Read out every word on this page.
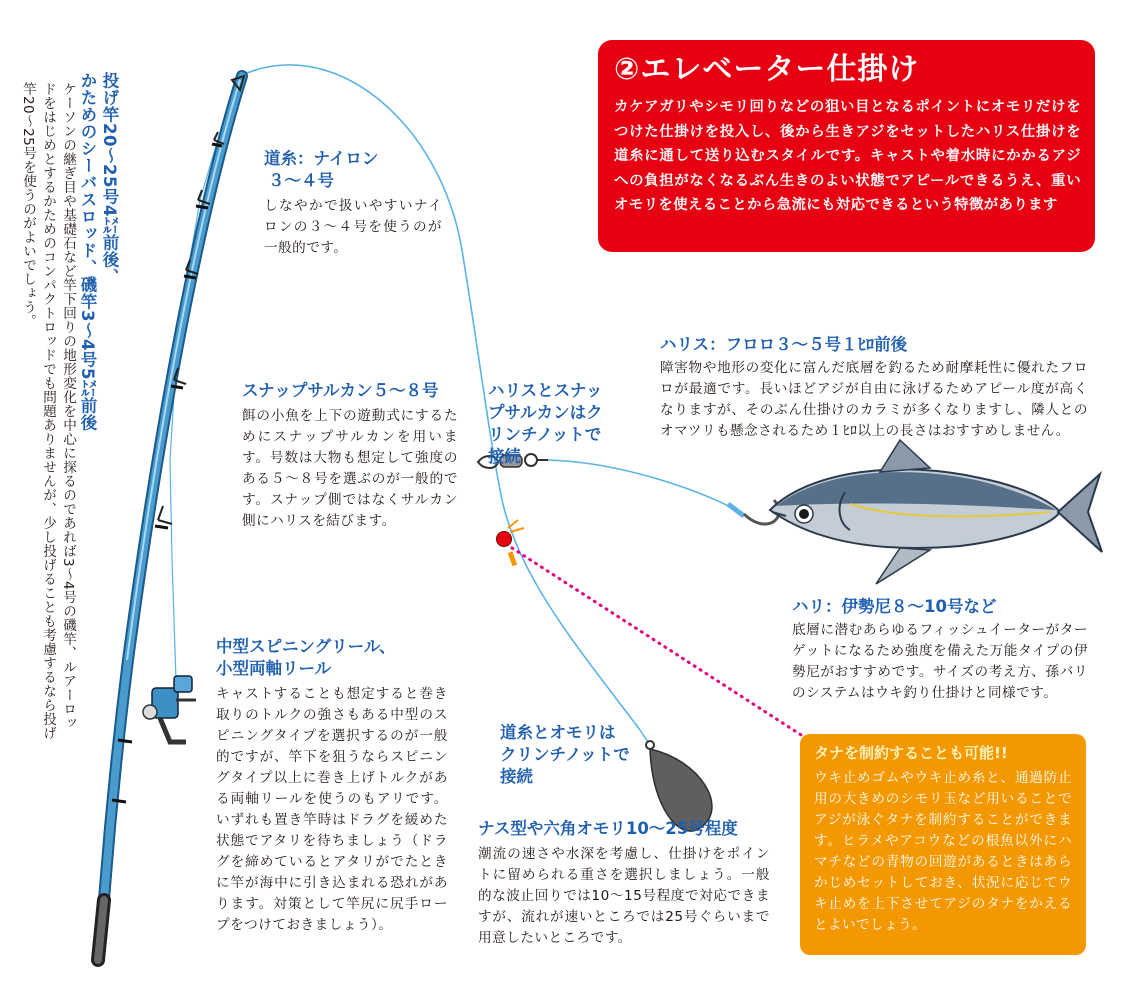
投げ竿20～25号4㍍前後、
かためのシーバスロッド、磯竿3～4号5㍍前後
ケーソンの継ぎ目や基礎石など竿下回りの地形変化を中心に探るのであれば3～4号の磯竿、ルアーロッドをはじめとするかためのコンパクトロッドでも問題ありませんが、少し投げることも考慮するなら投げ竿20～25号を使うのがよいでしょう。
②エレベーター仕掛け
カケアガリやシモリ回りなどの狙い目となるポイントにオモリだけをつけた仕掛けを投入し、後から生きアジをセットしたハリス仕掛けを道糸に通して送り込むスタイルです。キャストや着水時にかかるアジへの負担がなくなるぶん生きのよい状態でアピールできるうえ、重いオモリを使えることから急流にも対応できるという特徴があります
道糸：ナイロン
３～４号
しなやかで扱いやすいナイロンの３～４号を使うのが一般的です。
スナップサルカン５～８号
餌の小魚を上下の遊動式にするためにスナップサルカンを用います。号数は大物も想定して強度のある５～８号を選ぶのが一般的です。スナップ側ではなくサルカン側にハリスを結びます。
ハリスとスナップサルカンはクリンチノットで接続
ハリス：フロロ３～５号１ﾋﾛ前後
障害物や地形の変化に富んだ底層を釣るため耐摩耗性に優れたフロロが最適です。長いほどアジが自由に泳げるためアピール度が高くなりますが、そのぶん仕掛けのカラミが多くなりますし、隣人とのオマツリも懸念されるため１ﾋﾛ以上の長さはおすすめしません。
ハリ：伊勢尼８～10号など
底層に潜むあらゆるフィッシュイーターがターゲットになるため強度を備えた万能タイプの伊勢尼がおすすめです。サイズの考え方、孫バリのシステムはウキ釣り仕掛けと同様です。
中型スピニングリール、
小型両軸リール
キャストすることも想定すると巻き取りのトルクの強さもある中型のスピニングタイプを選択するのが一般的ですが、竿下を狙うならスピニングタイプ以上に巻き上げトルクがある両軸リールを使うのもアリです。いずれも置き竿時はドラグを緩めた状態でアタリを待ちましょう（ドラグを締めているとアタリがでたときに竿が海中に引き込まれる恐れがあります。対策として竿尻に尻手ロープをつけておきましょう）。
道糸とオモリはクリンチノットで接続
ナス型や六角オモリ10～25号程度
潮流の速さや水深を考慮し、仕掛けをポイントに留められる重さを選択しましょう。一般的な波止回りでは10～15号程度で対応できますが、流れが速いところでは25号ぐらいまで用意したいところです。
タナを制約することも可能!!
ウキ止めゴムやウキ止め糸と、通過防止用の大きめのシモリ玉など用いることでアジが泳ぐタナを制約することができます。ヒラメやアコウなどの根魚以外にハマチなどの青物の回遊があるときはあらかじめセットしておき、状況に応じてウキ止めを上下させてアジのタナをかえるとよいでしょう。
